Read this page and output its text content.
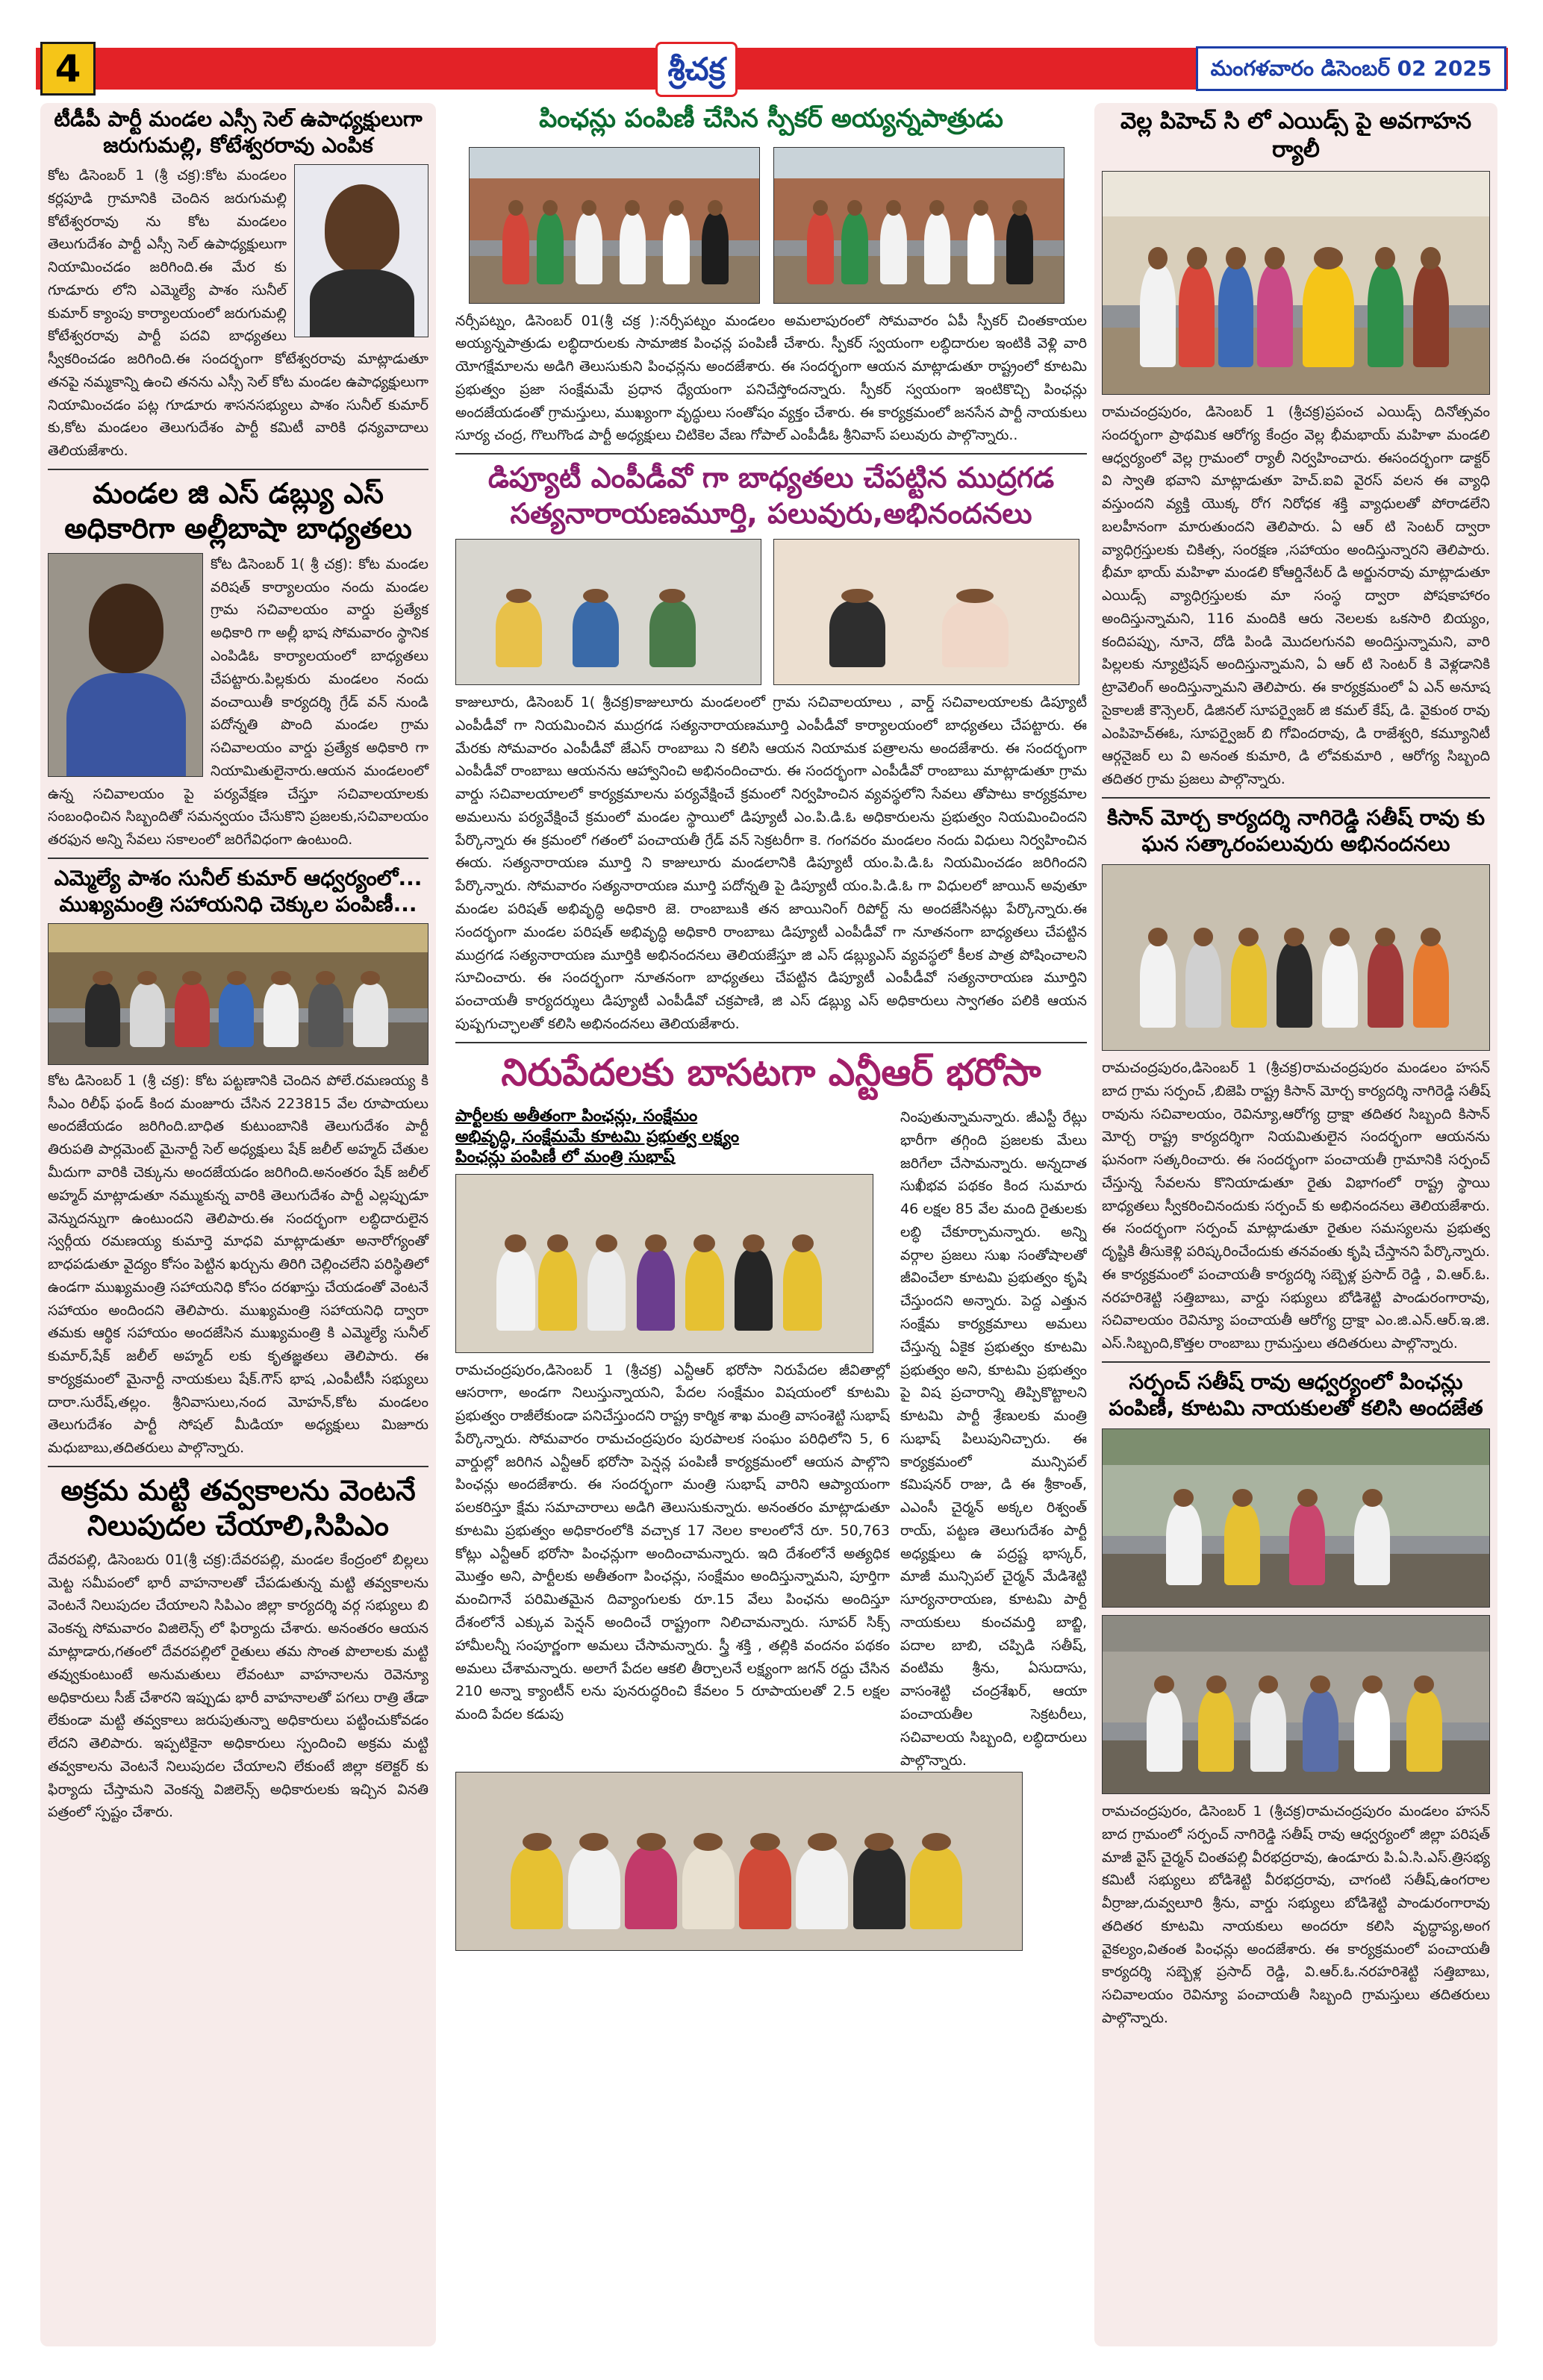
4	శ్రీచక్ర	మంగళవారం డిసెంబర్ 02 2025
టీడీపీ పార్టీ మండల ఎస్సీ సెల్ ఉపాధ్యక్షులుగా జరుగుమల్లి, కోటేశ్వరరావు ఎంపిక
కోట డిసెంబర్ 1 (శ్రీ చక్ర):కోట మండలం కర్లపూడి గ్రామానికి చెందిన జరుగుమల్లి కోటేశ్వరరావు ను కోట మండలం తెలుగుదేశం పార్టీ ఎస్సీ సెల్ ఉపాధ్యక్షులుగా నియామించడం జరిగింది.ఈ మేర కు గూడూరు లోని ఎమ్మెల్యే పాశం సునీల్ కుమార్ క్యాంపు కార్యాలయంలో జరుగుమల్లి కోటేశ్వరరావు పార్టీ పదవి బాధ్యతలు స్వీకరించడం జరిగింది.ఈ సందర్భంగా కోటేశ్వరరావు మాట్లాడుతూ తనపై నమ్మకాన్ని ఉంచి తనను ఎస్సీ సెల్ కోట మండల ఉపాధ్యక్షులుగా నియామించడం పట్ల గూడూరు శాసనసభ్యులు పాశం సునీల్ కుమార్ కు,కోట మండలం తెలుగుదేశం పార్టీ కమిటీ వారికి ధన్యవాదాలు తెలియజేశారు.
మండల జి ఎస్ డబ్ల్యు ఎస్ అధికారిగా అల్లీబాషా బాధ్యతలు
కోట డిసెంబర్ 1( శ్రీ చక్ర): కోట మండల వరిషత్ కార్యాలయం నందు మండల గ్రామ సచివాలయం వార్డు ప్రత్యేక అధికారి గా అల్లీ భాష సోమవారం స్థానిక ఎంపిడిఓ కార్యాలయంలో బాధ్యతలు చేపట్టారు.పిల్లకురు మండలం నందు వంచాయితీ కార్యదర్శి గ్రేడ్ వన్ నుండి పదోన్నతి పొంది మండల గ్రామ సచివాలయం వార్డు ప్రత్యేక అధికారి గా నియామితులైనారు.ఆయన మండలంలో ఉన్న సచివాలయం పై పర్యవేక్షణ చేస్తూ సచివాలయాలకు సంబంధించిన సిబ్బందితో సమన్వయం చేసుకొని ప్రజలకు,సచివాలయం తరఫున అన్ని సేవలు సకాలంలో జరిగేవిధంగా ఉంటుంది.
ఎమ్మెల్యే పాశం సునీల్ కుమార్ ఆధ్వర్యంలో... ముఖ్యమంత్రి సహాయనిధి చెక్కుల పంపిణీ...
కోట డిసెంబర్ 1 (శ్రీ చక్ర): కోట పట్టణానికి చెందిన పోలే.రమణయ్య కి సీఎం రిలీఫ్ ఫండ్ కింద మంజూరు చేసిన 223815 వేల రూపాయలు అందజేయడం జరిగింది.బాధిత కుటుంబానికి తెలుగుదేశం పార్టీ తిరుపతి పార్లమెంట్ మైనార్టీ సెల్ అధ్యక్షులు షేక్ జలీల్ అహ్మద్ చేతుల మీదుగా వారికి చెక్కును అందజేయడం జరిగింది.అనంతరం షేక్ జలీల్ అహ్మద్ మాట్లాడుతూ నమ్ముకున్న వారికి తెలుగుదేశం పార్టీ ఎల్లప్పుడూ వెన్నుదన్నుగా ఉంటుందని తెలిపారు.ఈ సందర్భంగా లబ్ధిదారులైన స్వర్గీయ రమణయ్య కుమార్తె మాధవి మాట్లాడుతూ అనారోగ్యంతో బాధపడుతూ వైద్యం కోసం పెట్టిన ఖర్చును తిరిగి చెల్లించలేని పరిస్థితిలో ఉండగా ముఖ్యమంత్రి సహాయనిధి కోసం దరఖాస్తు చేయడంతో వెంటనే సహాయం అందిందని తెలిపారు. ముఖ్యమంత్రి సహాయనిధి ద్వారా తమకు ఆర్థిక సహాయం అందజేసిన ముఖ్యమంత్రి కి ఎమ్మెల్యే సునీల్ కుమార్,షేక్ జలీల్ అహ్మద్ లకు కృతజ్ఞతలు తెలిపారు. ఈ కార్యక్రమంలో మైనార్టీ నాయకులు షేక్.గౌస్ భాష ,ఎంపీటీసీ సభ్యులు దారా.సురేష్,తల్లం. శ్రీనివాసులు,నంద మోహన్,కోట మండలం తెలుగుదేశం పార్టీ సోషల్ మీడియా అధ్యక్షులు మిజూరు మధుబాబు,తదితరులు పాల్గొన్నారు.
అక్రమ మట్టి తవ్వకాలను వెంటనే నిలుపుదల చేయాలి,సిపిఎం
దేవరపల్లి, డిసెంబరు 01(శ్రీ చక్ర):దేవరపల్లి, మండల కేంద్రంలో బిల్లలు మెట్ట సమీపంలో భారీ వాహనాలతో చేపడుతున్న మట్టి తవ్వకాలను వెంటనే నిలుపుదల చేయాలని సిపిఎం జిల్లా కార్యదర్శి వర్గ సభ్యులు బి వెంకన్న సోమవారం విజిలెన్స్ లో ఫిర్యాదు చేశారు. అనంతరం ఆయన మాట్లాడారు,గతంలో దేవరపల్లిలో రైతులు తమ సొంత పొలాలకు మట్టి తవ్వుకుంటుంటే అనుమతులు లేవంటూ వాహనాలను రెవెన్యూ అధికారులు సీజ్ చేశారని ఇప్పుడు భారీ వాహనాలతో పగలు రాత్రి తేడా లేకుండా మట్టి తవ్వకాలు జరుపుతున్నా అధికారులు పట్టించుకోవడం లేదని తెలిపారు. ఇప్పటికైనా అధికారులు స్పందించి అక్రమ మట్టి తవ్వకాలను వెంటనే నిలుపుదల చేయాలని లేకుంటే జిల్లా కలెక్టర్ కు ఫిర్యాదు చేస్తామని వెంకన్న విజిలెన్స్ అధికారులకు ఇచ్చిన వినతి పత్రంలో స్పష్టం చేశారు.
పింఛన్లు పంపిణీ చేసిన స్పీకర్ అయ్యన్నపాత్రుడు
నర్సీపట్నం, డిసెంబర్ 01(శ్రీ చక్ర ):నర్సీపట్నం మండలం అమలాపురంలో సోమవారం ఏపీ స్పీకర్ చింతకాయల అయ్యన్నపాత్రుడు లబ్ధిదారులకు సామాజిక పింఛన్ల పంపిణీ చేశారు. స్పీకర్ స్వయంగా లబ్ధిదారుల ఇంటికి వెళ్లి వారి యోగక్షేమాలను అడిగి తెలుసుకుని పింఛన్లను అందజేశారు. ఈ సందర్భంగా ఆయన మాట్లాడుతూ రాష్ట్రంలో కూటమి ప్రభుత్వం ప్రజా సంక్షేమమే ప్రధాన ధ్యేయంగా పనిచేస్తోందన్నారు. స్పీకర్ స్వయంగా ఇంటికొచ్చి పింఛన్లు అందజేయడంతో గ్రామస్తులు, ముఖ్యంగా వృద్ధులు సంతోషం వ్యక్తం చేశారు. ఈ కార్యక్రమంలో జనసేన పార్టీ నాయకులు సూర్య చంద్ర, గొలుగొండ పార్టీ అధ్యక్షులు చిటికెల వేణు గోపాల్ ఎంపీడీఓ శ్రీనివాస్ పలువురు పాల్గొన్నారు..
డిప్యూటీ ఎంపీడీవో గా బాధ్యతలు చేపట్టిన ముద్రగడ సత్యనారాయణమూర్తి, పలువురు,అభినందనలు
కాజులూరు, డిసెంబర్ 1( శ్రీచక్ర)కాజులూరు మండలంలో గ్రామ సచివాలయాలు , వార్డ్ సచివాలయాలకు డిప్యూటీ ఎంపీడీవో గా నియమించిన ముద్రగడ సత్యనారాయణమూర్తి ఎంపీడీవో కార్యాలయంలో బాధ్యతలు చేపట్టారు. ఈ మేరకు సోమవారం ఎంపీడీవో జేఎస్ రాంబాబు ని కలిసి ఆయన నియామక పత్రాలను అందజేశారు. ఈ సందర్భంగా ఎంపీడీవో రాంబాబు ఆయనను ఆహ్వానించి అభినందించారు. ఈ సందర్భంగా ఎంపీడీవో రాంబాబు మాట్లాడుతూ గ్రామ వార్డు సచివాలయాలలో కార్యక్రమాలను పర్యవేక్షించే క్రమంలో నిర్వహించిన వ్యవస్థలోని సేవలు తోపాటు కార్యక్రమాల అమలును పర్యవేక్షించే క్రమంలో మండల స్థాయిలో డిప్యూటీ ఎం.పి.డి.ఓ అధికారులను ప్రభుత్వం నియమించిందని పేర్కొన్నారు ఈ క్రమంలో గతంలో పంచాయతీ గ్రేడ్ వన్ సెక్రటరీగా కె. గంగవరం మండలం నందు విధులు నిర్వహించిన ఈయ. సత్యనారాయణ మూర్తి ని కాజులూరు మండలానికి డిప్యూటీ యం.పి.డి.ఓ నియమించడం జరిగిందని పేర్కొన్నారు. సోమవారం సత్యనారాయణ మూర్తి పదోన్నతి పై డిప్యూటీ యం.పి.డి.ఓ గా విధులలో జాయిన్ అవుతూ మండల పరిషత్ అభివృద్ధి అధికారి జె. రాంబాబుకి తన జాయినింగ్ రిపోర్ట్ ను అందజేసినట్లు పేర్కొన్నారు.ఈ సందర్భంగా మండల పరిషత్ అభివృద్ధి అధికారి రాంబాబు డిప్యూటీ ఎంపీడీవో గా నూతనంగా బాధ్యతలు చేపట్టిన ముద్రగడ సత్యనారాయణ మూర్తికి అభినందనలు తెలియజేస్తూ జి ఎస్ డబ్ల్యుఎస్ వ్యవస్థలో కీలక పాత్ర పోషించాలని సూచించారు. ఈ సందర్భంగా నూతనంగా బాధ్యతలు చేపట్టిన డిప్యూటీ ఎంపీడీవో సత్యనారాయణ మూర్తిని పంచాయతీ కార్యదర్శులు డిప్యూటీ ఎంపీడీవో చక్రపాణి, జి ఎస్ డబ్ల్యు ఎస్ అధికారులు స్వాగతం పలికి ఆయన పుష్పగుచ్ఛాలతో కలిసి అభినందనలు తెలియజేశారు.
నిరుపేదలకు బాసటగా ఎన్టీఆర్ భరోసా
నింపుతున్నామన్నారు. జీఎస్టీ రేట్లు భారీగా తగ్గింది ప్రజలకు మేలు జరిగేలా చేసామన్నారు. అన్నదాత సుఖీభవ పథకం కింద సుమారు 46 లక్షల 85 వేల మంది రైతులకు లబ్ధి చేకూర్చామన్నారు. అన్ని వర్గాల ప్రజలు సుఖ సంతోషాలతో జీవించేలా కూటమి ప్రభుత్వం కృషి చేస్తుందని అన్నారు. పెద్ద ఎత్తున సంక్షేమ కార్యక్రమాలు అమలు చేస్తున్న ఏకైక ప్రభుత్వం కూటమి ప్రభుత్వం అని, కూటమి ప్రభుత్వం పై విష ప్రచారాన్ని తిప్పికొట్టాలని కూటమి పార్టీ శ్రేణులకు మంత్రి సుభాష్ పిలుపునిచ్చారు. ఈ కార్యక్రమంలో మున్సిపల్ కమిషనర్ రాజు, డి ఈ శ్రీకాంత్, ఎఎంసీ చైర్మన్ అక్కల రిశ్వంత్ రాయ్, పట్టణ తెలుగుదేశం పార్టీ అధ్యక్షులు ఉ పద్రష్ట భాస్కర్, మాజీ మున్సిపల్ చైర్మన్ మేడిశెట్టి సూర్యనారాయణ, కూటమి పార్టీ నాయకులు కుంచమర్తి బాబ్జి, పదాల బాబి, చప్పిడి సతీష్, వంటిమ శ్రీను, ఏసుదాసు, వాసంశెట్టి చంద్రశేఖర్, ఆయా పంచాయతీల సెక్రటరీలు, సచివాలయ సిబ్బంది, లబ్ధిదారులు పాల్గొన్నారు.
పార్టీలకు అతీతంగా పింఛన్లు, సంక్షేమం
అభివృద్ధి, సంక్షేమమే కూటమి ప్రభుత్వ లక్ష్యం
పింఛన్లు పంపిణీ లో మంత్రి సుభాష్
రామచంద్రపురం,డిసెంబర్ 1 (శ్రీచక్ర) ఎన్టీఆర్ భరోసా నిరుపేదల జీవితాల్లో ఆసరాగా, అండగా నిలుస్తున్నాయని, పేదల సంక్షేమం విషయంలో కూటమి ప్రభుత్వం రాజీలేకుండా పనిచేస్తుందని రాష్ట్ర కార్మిక శాఖ మంత్రి వాసంశెట్టి సుభాష్ పేర్కొన్నారు. సోమవారం రామచంద్రపురం పురపాలక సంఘం పరిధిలోని 5, 6 వార్డుల్లో జరిగిన ఎన్టీఆర్ భరోసా పెన్షన్ల పంపిణీ కార్యక్రమంలో ఆయన పాల్గొని పింఛన్లు అందజేశారు. ఈ సందర్భంగా మంత్రి సుభాష్ వారిని ఆప్యాయంగా పలకరిస్తూ క్షేమ సమాచారాలు అడిగి తెలుసుకున్నారు. అనంతరం మాట్లాడుతూ కూటమి ప్రభుత్వం అధికారంలోకి వచ్చాక 17 నెలల కాలంలోనే రూ. 50,763 కోట్లు ఎన్టీఆర్ భరోసా పింఛన్లుగా అందించామన్నారు. ఇది దేశంలోనే అత్యధిక మొత్తం అని, పార్టీలకు అతీతంగా పింఛన్లు, సంక్షేమం అందిస్తున్నామని, పూర్తిగా మంచిగానే పరిమితమైన దివ్యాంగులకు రూ.15 వేలు పింఛను అందిస్తూ దేశంలోనే ఎక్కువ పెన్షన్ అందించే రాష్ట్రంగా నిలిచామన్నారు. సూపర్ సిక్స్ హామీలన్నీ సంపూర్ణంగా అమలు చేసామన్నారు. స్త్రీ శక్తి , తల్లికి వందనం పథకం అమలు చేశామన్నారు. అలాగే పేదల ఆకలి తీర్చాలనే లక్ష్యంగా జగన్ రద్దు చేసిన 210 అన్నా క్యాంటీన్ లను పునరుద్ధరించి కేవలం 5 రూపాయలతో 2.5 లక్షల మంది పేదల కడుపు
వెల్ల పిహెచ్ సి లో ఎయిడ్స్ పై అవగాహన ర్యాలీ
రామచంద్రపురం, డిసెంబర్ 1 (శ్రీచక్ర)ప్రపంచ ఎయిడ్స్ దినోత్సవం సందర్భంగా ప్రాథమిక ఆరోగ్య కేంద్రం వెల్ల భీమభాయ్ మహిళా మండలి ఆధ్వర్యంలో వెల్ల గ్రామంలో ర్యాలీ నిర్వహించారు. ఈసందర్భంగా డాక్టర్ వి స్వాతి భవాని మాట్లాడుతూ హెచ్.ఐవి వైరస్ వలన ఈ వ్యాధి వస్తుందని వ్యక్తి యొక్క రోగ నిరోధక శక్తి వ్యాధులతో పోరాడలేని బలహీనంగా మారుతుందని తెలిపారు. ఏ ఆర్ టి సెంటర్ ద్వారా వ్యాధిగ్రస్తులకు చికిత్స, సంరక్షణ ,సహాయం అందిస్తున్నారని తెలిపారు. భీమా భాయ్ మహిళా మండలి కోఆర్డినేటర్ డి అర్జునరావు మాట్లాడుతూ ఎయిడ్స్ వ్యాధిగ్రస్తులకు మా సంస్థ ద్వారా పోషకాహారం అందిస్తున్నామని, 116 మందికి ఆరు నెలలకు ఒకసారి బియ్యం, కందిపప్పు, నూనె, దోడి పిండి మొదలగునవి అందిస్తున్నామని, వారి పిల్లలకు న్యూట్రిషన్ అందిస్తున్నామని, ఏ ఆర్ టి సెంటర్ కి వెళ్లడానికి ట్రావెలింగ్ అందిస్తున్నామని తెలిపారు. ఈ కార్యక్రమంలో ఏ ఎన్ అనూష సైకాలజీ కౌన్సెలర్, డిజినల్ సూపర్వైజర్ జి కమల్ కేష్, డి. వైకుంఠ రావు ఎంపిహెచ్ఈఓ, సూపర్వైజర్ బి గోవిందరావు, డి రాజేశ్వరి, కమ్యూనిటీ ఆర్గనైజర్ లు వి అనంత కుమారి, డి లోవకుమారి , ఆరోగ్య సిబ్బంది తదితర గ్రామ ప్రజలు పాల్గొన్నారు.
కిసాన్ మోర్చ కార్యదర్శి నాగిరెడ్డి సతీష్ రావు కు ఘన సత్కారంపలువురు అభినందనలు
రామచంద్రపురం,డిసెంబర్ 1 (శ్రీచక్ర)రామచంద్రపురం మండలం హసన్ బాద గ్రామ సర్పంచ్ ,బిజెపి రాష్ట్ర కిసాన్ మోర్చ కార్యదర్శి నాగిరెడ్డి సతీష్ రావును సచివాలయం, రెవిన్యూ,ఆరోగ్య ద్రాక్షా తదితర సిబ్బంది కిసాన్ మోర్చ రాష్ట్ర కార్యదర్శిగా నియమితులైన సందర్భంగా ఆయనను ఘనంగా సత్కరించారు. ఈ సందర్భంగా పంచాయతీ గ్రామానికి సర్పంచ్ చేస్తున్న సేవలను కొనియాడుతూ రైతు విభాగంలో రాష్ట్ర స్థాయి బాధ్యతలు స్వీకరించినందుకు సర్పంచ్ కు అభినందనలు తెలియజేశారు. ఈ సందర్భంగా సర్పంచ్ మాట్లాడుతూ రైతుల సమస్యలను ప్రభుత్వ దృష్టికి తీసుకెళ్లి పరిష్కరించేందుకు తనవంతు కృషి చేస్తానని పేర్కొన్నారు. ఈ కార్యక్రమంలో పంచాయతీ కార్యదర్శి సబ్బెళ్ల ప్రసాద్ రెడ్డి , వి.ఆర్.ఓ. నరహరిశెట్టి సత్తిబాబు, వార్డు సభ్యులు బోడిశెట్టి పాండురంగారావు, సచివాలయం రెవిన్యూ పంచాయతీ ఆరోగ్య ద్రాక్షా ఎం.జి.ఎన్.ఆర్.ఇ.జి. ఎస్.సిబ్బంది,కొత్తల రాంబాబు గ్రామస్తులు తదితరులు పాల్గొన్నారు.
సర్పంచ్ సతీష్ రావు ఆధ్వర్యంలో పింఛన్లు పంపిణీ, కూటమి నాయకులతో కలిసి అందజేత
రామచంద్రపురం, డిసెంబర్ 1 (శ్రీచక్ర)రామచంద్రపురం మండలం హసన్ బాద గ్రామంలో సర్పంచ్ నాగిరెడ్డి సతీష్ రావు ఆధ్వర్యంలో జిల్లా పరిషత్ మాజీ వైస్ చైర్మన్ చింతపల్లి వీరభద్రరావు, ఉండూరు పి.ఏ.సి.ఎస్.త్రిసభ్య కమిటీ సభ్యులు బోడిశెట్టి వీరభద్రరావు, చాగంటి సతీష్,ఉంగరాల వీర్రాజు,దువ్వలూరి శ్రీను, వార్డు సభ్యులు బోడిశెట్టి పాండురంగారావు తదితర కూటమి నాయకులు అందరూ కలిసి వృద్ధాప్య,అంగ వైకల్యం,వితంత పింఛన్లు అందజేశారు. ఈ కార్యక్రమంలో పంచాయతీ కార్యదర్శి సబ్బెళ్ల ప్రసాద్ రెడ్డి, వి.ఆర్.ఓ.నరహరిశెట్టి సత్తిబాబు, సచివాలయం రెవిన్యూ పంచాయతీ సిబ్బంది గ్రామస్తులు తదితరులు పాల్గొన్నారు.
